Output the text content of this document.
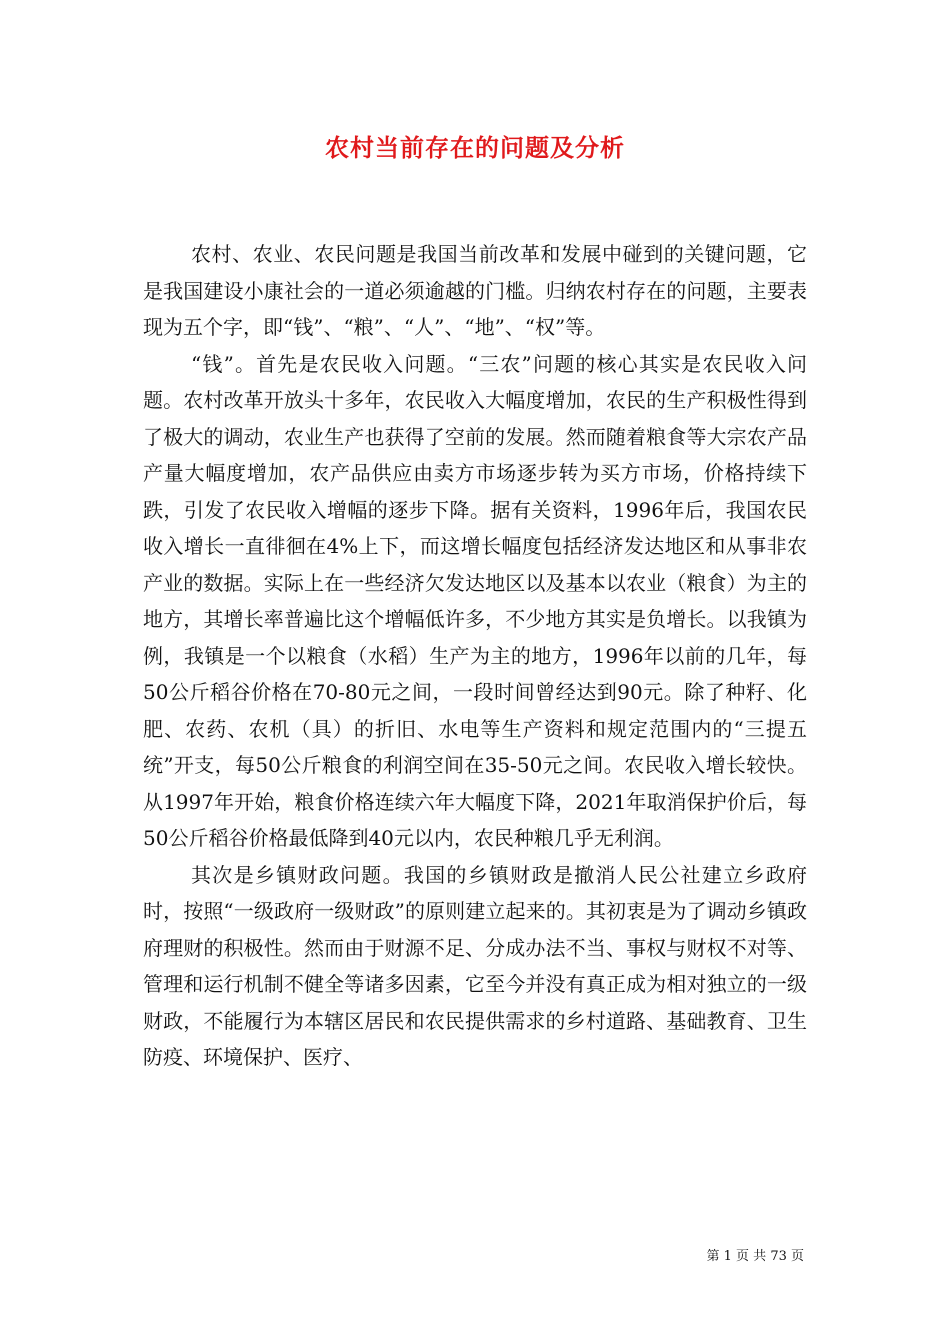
农村当前存在的问题及分析

农村、农业、农民问题是我国当前改革和发展中碰到的关键问题，它是我国建设小康社会的一道必须逾越的门槛。归纳农村存在的问题，主要表现为五个字，即“钱”、“粮”、“人”、“地”、“权”等。

“钱”。首先是农民收入问题。“三农”问题的核心其实是农民收入问题。农村改革开放头十多年，农民收入大幅度增加，农民的生产积极性得到了极大的调动，农业生产也获得了空前的发展。然而随着粮食等大宗农产品产量大幅度增加，农产品供应由卖方市场逐步转为买方市场，价格持续下跌，引发了农民收入增幅的逐步下降。据有关资料，1996年后，我国农民收入增长一直徘徊在4%上下，而这增长幅度包括经济发达地区和从事非农产业的数据。实际上在一些经济欠发达地区以及基本以农业（粮食）为主的地方，其增长率普遍比这个增幅低许多，不少地方其实是负增长。以我镇为例，我镇是一个以粮食（水稻）生产为主的地方，1996年以前的几年，每50公斤稻谷价格在70-80元之间，一段时间曾经达到90元。除了种籽、化肥、农药、农机（具）的折旧、水电等生产资料和规定范围内的“三提五统”开支，每50公斤粮食的利润空间在35-50元之间。农民收入增长较快。从1997年开始，粮食价格连续六年大幅度下降，2021年取消保护价后，每50公斤稻谷价格最低降到40元以内，农民种粮几乎无利润。

其次是乡镇财政问题。我国的乡镇财政是撤消人民公社建立乡政府时，按照“一级政府一级财政”的原则建立起来的。其初衷是为了调动乡镇政府理财的积极性。然而由于财源不足、分成办法不当、事权与财权不对等、管理和运行机制不健全等诸多因素，它至今并没有真正成为相对独立的一级财政，不能履行为本辖区居民和农民提供需求的乡村道路、基础教育、卫生防疫、环境保护、医疗、

第 1 页 共 73 页
